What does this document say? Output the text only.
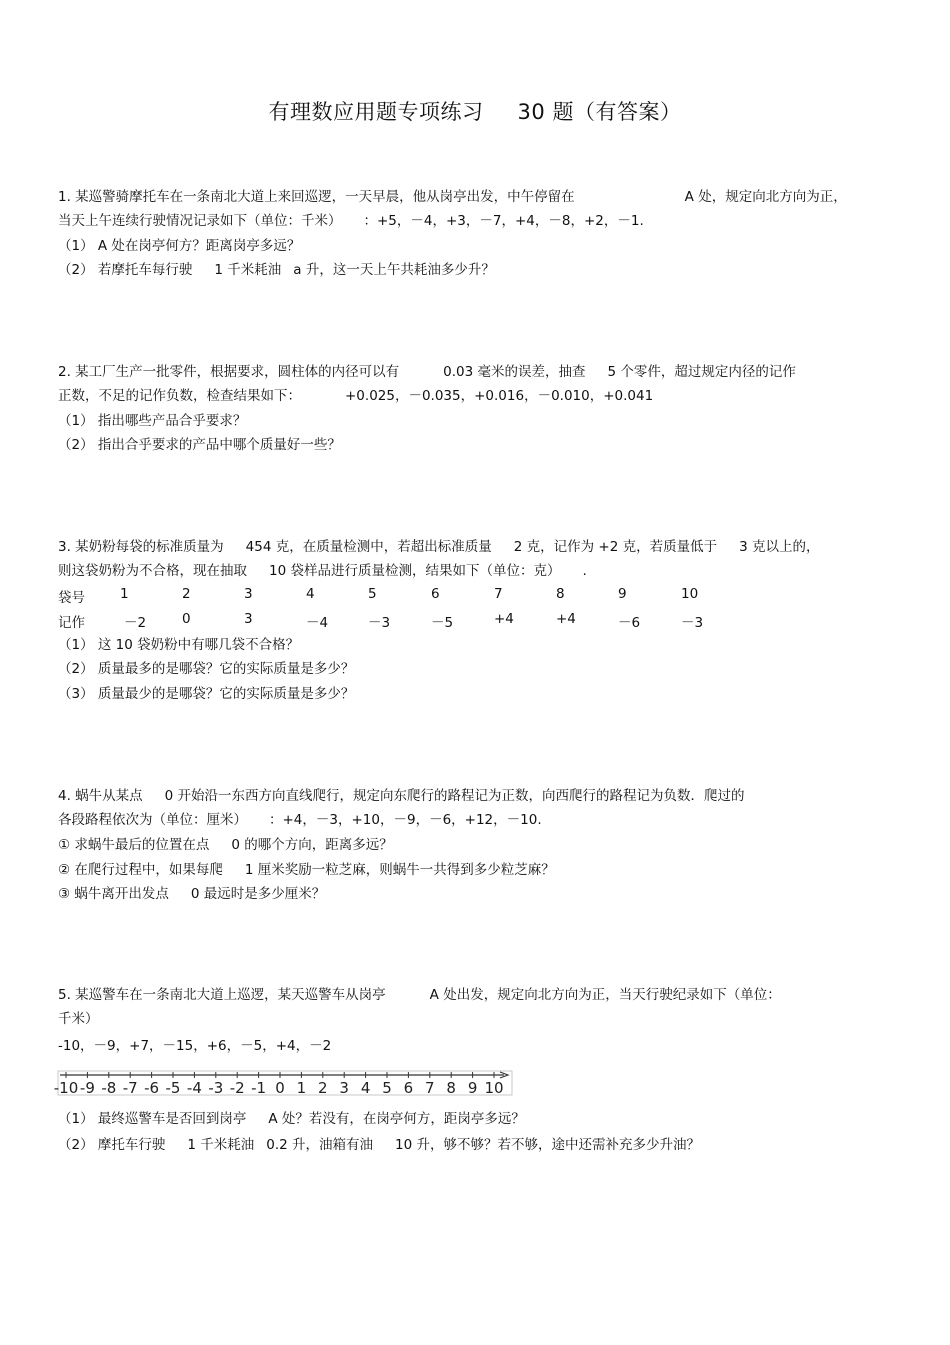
有理数应用题专项练习 30 题（有答案）
1. 某巡警骑摩托车在一条南北大道上来回巡逻，一天早晨，他从岗亭出发，中午停留在	A 处，规定向北方向为正，
当天上午连续行驶情况记录如下（单位：千米） ：+5，－4，+3，－7，+4，－8，+2，－1.
（1） A 处在岗亭何方？距离岗亭多远？
（2） 若摩托车每行驶 1 千米耗油 a 升，这一天上午共耗油多少升？
2. 某工厂生产一批零件，根据要求，圆柱体的内径可以有	0.03 毫米的误差，抽查 5 个零件，超过规定内径的记作
正数，不足的记作负数，检查结果如下：	+0.025，－0.035，+0.016，－0.010，+0.041
（1） 指出哪些产品合乎要求？
（2） 指出合乎要求的产品中哪个质量好一些？
3. 某奶粉每袋的标准质量为 454 克，在质量检测中，若超出标准质量 2 克，记作为 +2 克，若质量低于 3 克以上的，
则这袋奶粉为不合格，现在抽取 10 袋样品进行质量检测，结果如下（单位：克） .
袋号	1	2	3	4	5	6	7	8	9	10
记作	－2	0	3	－4	－3	－5	+4	+4	－6	－3
（1） 这 10 袋奶粉中有哪几袋不合格？
（2） 质量最多的是哪袋？它的实际质量是多少？
（3） 质量最少的是哪袋？它的实际质量是多少？
4. 蜗牛从某点 0 开始沿一东西方向直线爬行，规定向东爬行的路程记为正数，向西爬行的路程记为负数．爬过的
各段路程依次为（单位：厘米） ：+4，－3，+10，－9，－6，+12，－10.
① 求蜗牛最后的位置在点 0 的哪个方向，距离多远？
② 在爬行过程中，如果每爬 1 厘米奖励一粒芝麻，则蜗牛一共得到多少粒芝麻？
③ 蜗牛离开出发点 0 最远时是多少厘米？
5. 某巡警车在一条南北大道上巡逻，某天巡警车从岗亭	A 处出发，规定向北方向为正，当天行驶纪录如下（单位：
千米）
-10，－9，+7，－15，+6，－5，+4，－2
-10 -9 -8 -7 -6 -5 -4 -3 -2 -1 0 1 2 3 4 5 6 7 8 9 10
（1） 最终巡警车是否回到岗亭 A 处？若没有，在岗亭何方，距岗亭多远？
（2） 摩托车行驶 1 千米耗油 0.2 升，油箱有油 10 升，够不够？若不够，途中还需补充多少升油？
